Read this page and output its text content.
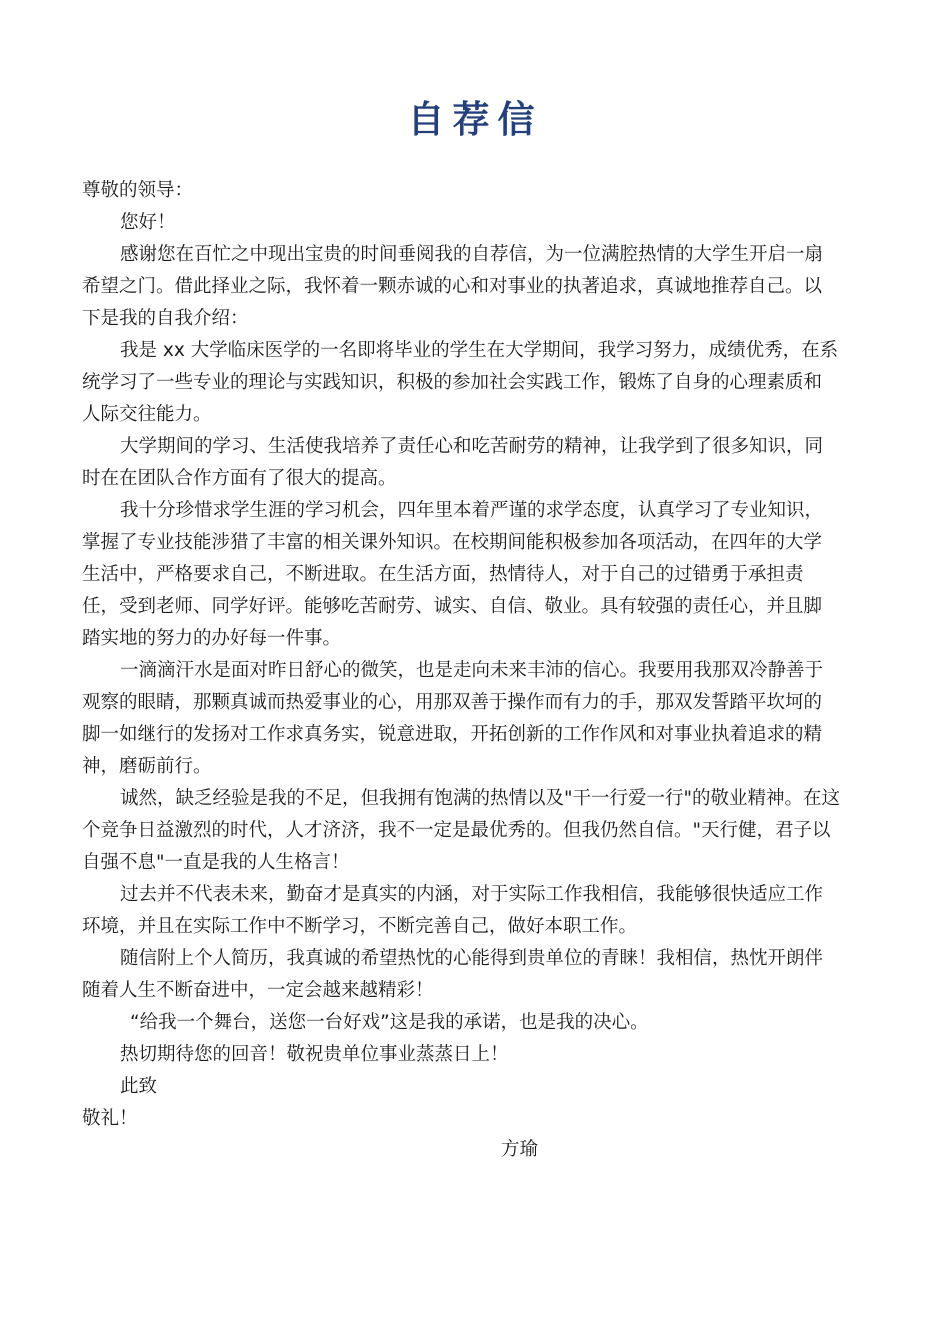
自荐信
尊敬的领导：
您好！
感谢您在百忙之中现出宝贵的时间垂阅我的自荐信，为一位满腔热情的大学生开启一扇
希望之门。借此择业之际，我怀着一颗赤诚的心和对事业的执著追求，真诚地推荐自己。以
下是我的自我介绍：
我是 xx 大学临床医学的一名即将毕业的学生在大学期间，我学习努力，成绩优秀，在系
统学习了一些专业的理论与实践知识，积极的参加社会实践工作，锻炼了自身的心理素质和
人际交往能力。
大学期间的学习、生活使我培养了责任心和吃苦耐劳的精神，让我学到了很多知识，同
时在在团队合作方面有了很大的提高。
我十分珍惜求学生涯的学习机会，四年里本着严谨的求学态度，认真学习了专业知识，
掌握了专业技能涉猎了丰富的相关课外知识。在校期间能积极参加各项活动，在四年的大学
生活中，严格要求自己，不断进取。在生活方面，热情待人，对于自己的过错勇于承担责
任，受到老师、同学好评。能够吃苦耐劳、诚实、自信、敬业。具有较强的责任心，并且脚
踏实地的努力的办好每一件事。
一滴滴汗水是面对昨日舒心的微笑，也是走向未来丰沛的信心。我要用我那双冷静善于
观察的眼睛，那颗真诚而热爱事业的心，用那双善于操作而有力的手，那双发誓踏平坎坷的
脚一如继行的发扬对工作求真务实，锐意进取，开拓创新的工作作风和对事业执着追求的精
神，磨砺前行。
诚然，缺乏经验是我的不足，但我拥有饱满的热情以及"干一行爱一行"的敬业精神。在这
个竞争日益激烈的时代，人才济济，我不一定是最优秀的。但我仍然自信。"天行健，君子以
自强不息"一直是我的人生格言！
过去并不代表未来，勤奋才是真实的内涵，对于实际工作我相信，我能够很快适应工作
环境，并且在实际工作中不断学习，不断完善自己，做好本职工作。
随信附上个人简历，我真诚的希望热忱的心能得到贵单位的青睐！我相信，热忱开朗伴
随着人生不断奋进中，一定会越来越精彩！
“给我一个舞台，送您一台好戏”这是我的承诺，也是我的决心。
热切期待您的回音！敬祝贵单位事业蒸蒸日上！
此致
敬礼！
方瑜
